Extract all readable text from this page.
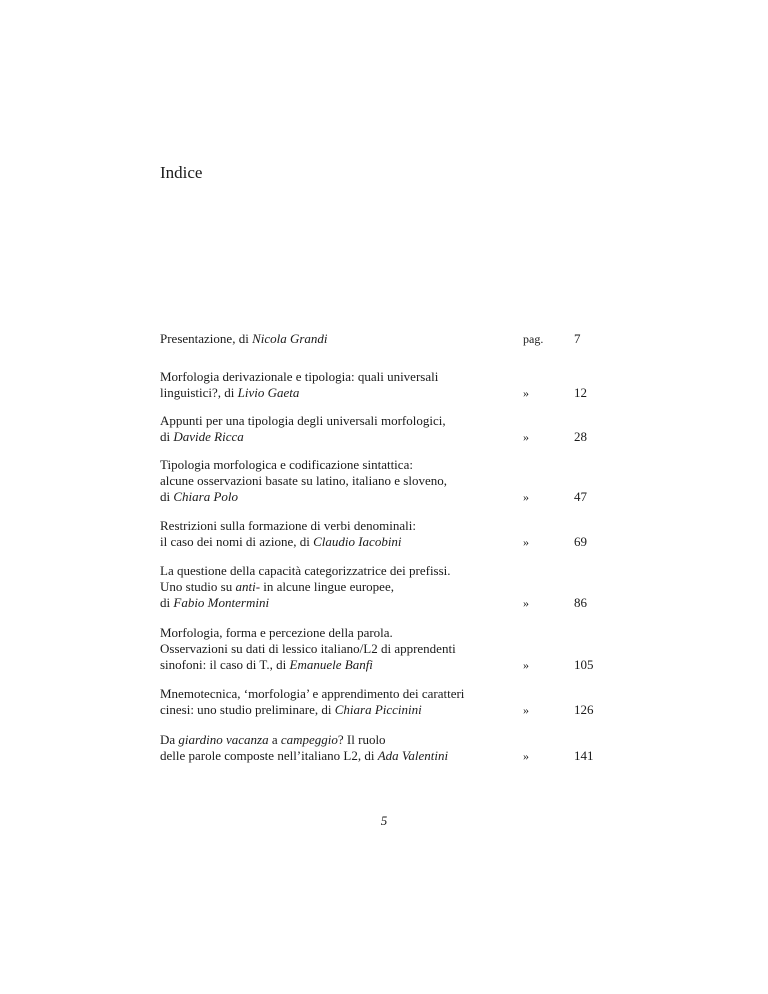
Indice
Presentazione, di Nicola Grandi	pag. 7
Morfologia derivazionale e tipologia: quali universali
linguistici?, di Livio Gaeta	»	12
Appunti per una tipologia degli universali morfologici,
di Davide Ricca	»	28
Tipologia morfologica e codificazione sintattica:
alcune osservazioni basate su latino, italiano e sloveno,
di Chiara Polo	»	47
Restrizioni sulla formazione di verbi denominali:
il caso dei nomi di azione, di Claudio Iacobini	»	69
La questione della capacità categorizzatrice dei prefissi.
Uno studio su anti- in alcune lingue europee,
di Fabio Montermini	»	86
Morfologia, forma e percezione della parola.
Osservazioni su dati di lessico italiano/L2 di apprendenti
sinofoni: il caso di T., di Emanuele Banfi	»	105
Mnemotecnica, ‘morfologia’ e apprendimento dei caratteri
cinesi: uno studio preliminare, di Chiara Piccinini	»	126
Da giardino vacanza a campeggio? Il ruolo
delle parole composte nell’italiano L2, di Ada Valentini	»	141
5
